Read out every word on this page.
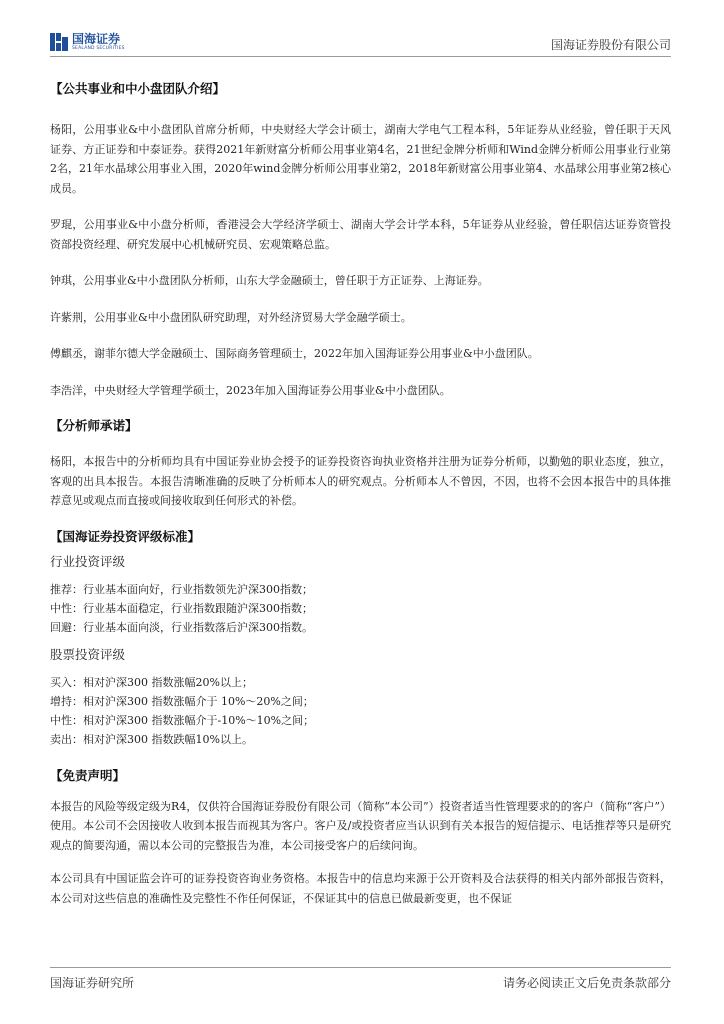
国海证券
SEALAND SECURITIES	国海证券股份有限公司

【公共事业和中小盘团队介绍】

杨阳，公用事业&中小盘团队首席分析师，中央财经大学会计硕士，湖南大学电气工程本科，5年证券从业经验，曾任职于天风证券、方正证券和中泰证券。获得2021年新财富分析师公用事业第4名，21世纪金牌分析师和Wind金牌分析师公用事业行业第2名，21年水晶球公用事业入围，2020年wind金牌分析师公用事业第2，2018年新财富公用事业第4、水晶球公用事业第2核心成员。

罗琨，公用事业&中小盘分析师，香港浸会大学经济学硕士、湖南大学会计学本科，5年证券从业经验，曾任职信达证券资管投资部投资经理、研究发展中心机械研究员、宏观策略总监。

钟琪，公用事业&中小盘团队分析师，山东大学金融硕士，曾任职于方正证券、上海证券。

许紫荆，公用事业&中小盘团队研究助理，对外经济贸易大学金融学硕士。

傅麒丞，谢菲尔德大学金融硕士、国际商务管理硕士，2022年加入国海证券公用事业&中小盘团队。

李浩洋，中央财经大学管理学硕士，2023年加入国海证券公用事业&中小盘团队。

【分析师承诺】

杨阳，本报告中的分析师均具有中国证券业协会授予的证券投资咨询执业资格并注册为证券分析师，以勤勉的职业态度，独立，客观的出具本报告。本报告清晰准确的反映了分析师本人的研究观点。分析师本人不曾因，不因，也将不会因本报告中的具体推荐意见或观点而直接或间接收取到任何形式的补偿。

【国海证券投资评级标准】

行业投资评级

推荐：行业基本面向好，行业指数领先沪深300指数；

中性：行业基本面稳定，行业指数跟随沪深300指数；

回避：行业基本面向淡，行业指数落后沪深300指数。

股票投资评级

买入：相对沪深300 指数涨幅20%以上；

增持：相对沪深300 指数涨幅介于 10%～20%之间；

中性：相对沪深300 指数涨幅介于-10%～10%之间；

卖出：相对沪深300 指数跌幅10%以上。

【免责声明】

本报告的风险等级定级为R4，仅供符合国海证券股份有限公司（简称“本公司”）投资者适当性管理要求的的客户（简称“客户”）使用。本公司不会因接收人收到本报告而视其为客户。客户及/或投资者应当认识到有关本报告的短信提示、电话推荐等只是研究观点的简要沟通，需以本公司的完整报告为准，本公司接受客户的后续问询。

本公司具有中国证监会许可的证券投资咨询业务资格。本报告中的信息均来源于公开资料及合法获得的相关内部外部报告资料，本公司对这些信息的准确性及完整性不作任何保证，不保证其中的信息已做最新变更，也不保证

国海证券研究所	请务必阅读正文后免责条款部分
